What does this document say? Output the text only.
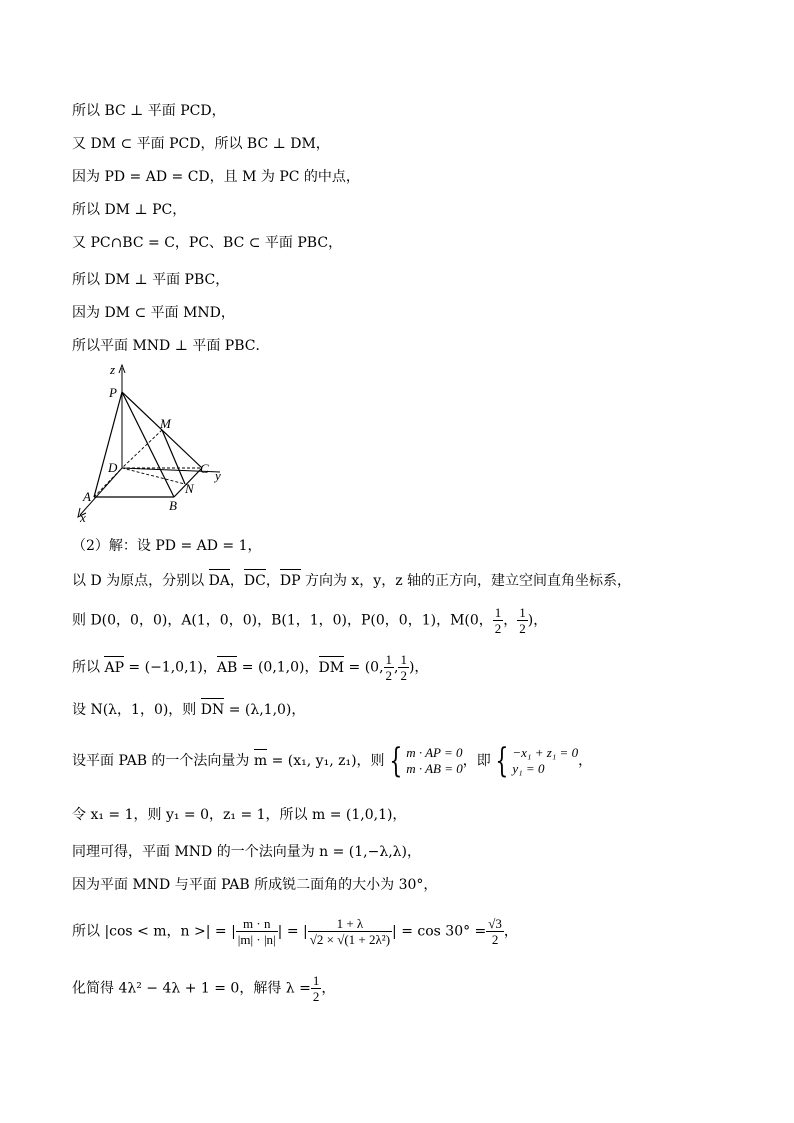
所以 BC ⊥ 平面 PCD，
又 DM ⊂ 平面 PCD，所以 BC ⊥ DM，
因为 PD = AD = CD，且 M 为 PC 的中点，
所以 DM ⊥ PC，
又 PC∩BC = C，PC、BC ⊂ 平面 PBC，
所以 DM ⊥ 平面 PBC，
因为 DM ⊂ 平面 MND，
所以平面 MND ⊥ 平面 PBC．
z
P
M
D	C y
A
N
B
x
（2）解：设 PD = AD = 1，
以 D 为原点，分别以 DA，DC，DP 方向为 x，y，z 轴的正方向，建立空间直角坐标系，
则 D(0，0，0)，A(1，0，0)，B(1，1，0)，P(0，0，1)，M(0， $\frac{1}{2}$ ， $\frac{1}{2}$ )，
所以 AP = (−1,0,1)，AB = (0,1,0)，DM = (0, $\frac{1}{2}$ , $\frac{1}{2}$ )，
设 N(λ，1，0)，则 DN = (λ,1,0)，
设平面 PAB 的一个法向量为 m = (x₁, y₁, z₁)，则 { m · AP = 0
m · AB = 0 ，即 { −x₁ + z₁ = 0
y₁ = 0	，
令 x₁ = 1，则 y₁ = 0，z₁ = 1，所以 m = (1,0,1)，
同理可得，平面 MND 的一个法向量为 n = (1,−λ,λ)，
因为平面 MND 与平面 PAB 所成锐二面角的大小为 30°，
所以 |cos < m，n >| = | $\frac{m \cdot n}{|m| \cdot |n|}$ | = | $\frac{1 + \lambda}{\text{√2 × √(1 + 2λ²)}}$ | = $\cos 30^\circ = \frac{√3}{2}$ ，
化简得 4λ² − 4λ + 1 = 0，解得 $\lambda = \frac{1}{2}$ ，
